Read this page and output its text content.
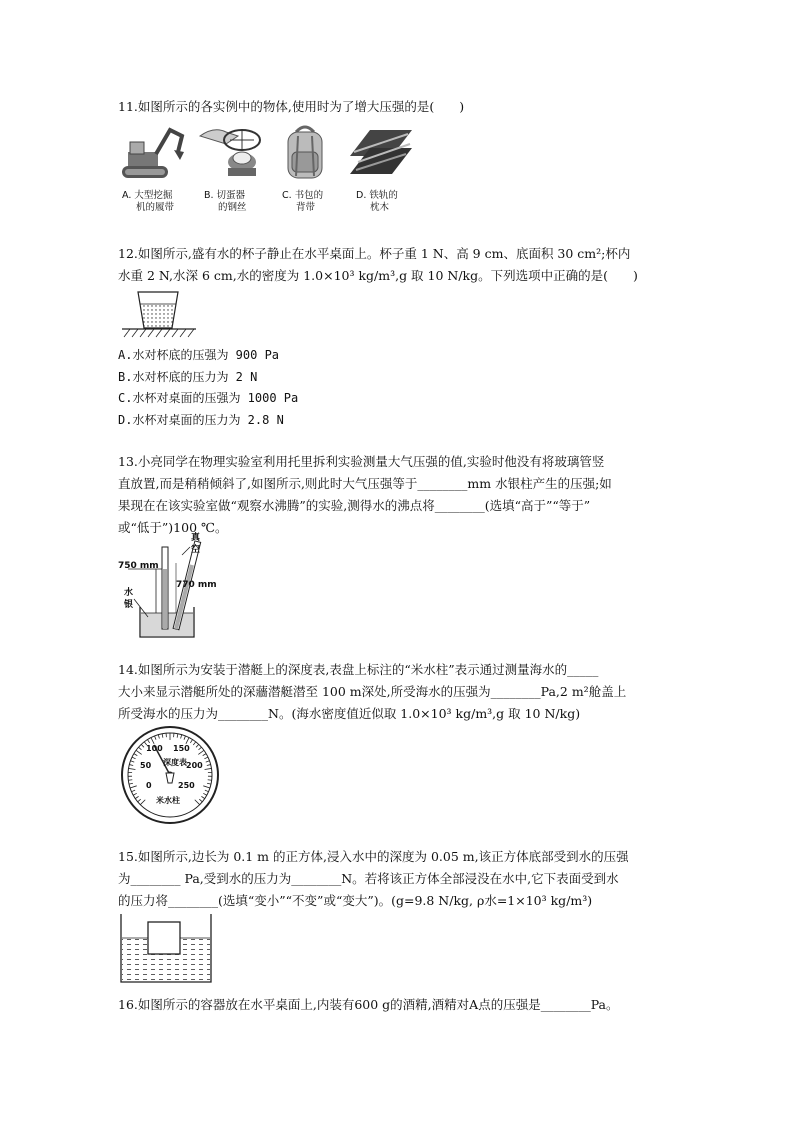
11.如图所示的各实例中的物体,使用时为了增大压强的是(　　)
A. 大型挖掘
机的履带
B. 切蛋器
的钢丝
C. 书包的
背带
D. 铁轨的
枕木
12.如图所示,盛有水的杯子静止在水平桌面上。杯子重 1 N、高 9 cm、底面积 30 cm²;杯内
水重 2 N,水深 6 cm,水的密度为 1.0×10³ kg/m³,g 取 10 N/kg。下列选项中正确的是(　　)
A.水对杯底的压强为 900 Pa
B.水对杯底的压力为 2 N
C.水杯对桌面的压强为 1000 Pa
D.水杯对桌面的压力为 2.8 N
13.小亮同学在物理实验室利用托里拆利实验测量大气压强的值,实验时他没有将玻璃管竖
直放置,而是稍稍倾斜了,如图所示,则此时大气压强等于________mm 水银柱产生的压强;如
果现在在该实验室做“观察水沸腾”的实验,测得水的沸点将________(选填“高于”“等于”
或“低于”)100 ℃。
真
空
750 mm
770 mm
水
银
14.如图所示为安装于潜艇上的深度表,表盘上标注的“米水柱”表示通过测量海水的_____
大小来显示潜艇所处的深蘠潜艇潜至 100 m深处,所受海水的压强为________Pa,2 m²舱盖上
所受海水的压力为________N。(海水密度值近似取 1.0×10³ kg/m³,g 取 10 N/kg)
100 150
50	200
0	250
深度表
米水柱
15.如图所示,边长为 0.1 m 的正方体,浸入水中的深度为 0.05 m,该正方体底部受到水的压强
为________ Pa,受到水的压力为________N。若将该正方体全部浸没在水中,它下表面受到水
的压力将________(选填“变小”“不变”或“变大”)。(g=9.8 N/kg, ρ水=1×10³ kg/m³)
16.如图所示的容器放在水平桌面上,内装有600 g的酒精,酒精对A点的压强是________Pa。
